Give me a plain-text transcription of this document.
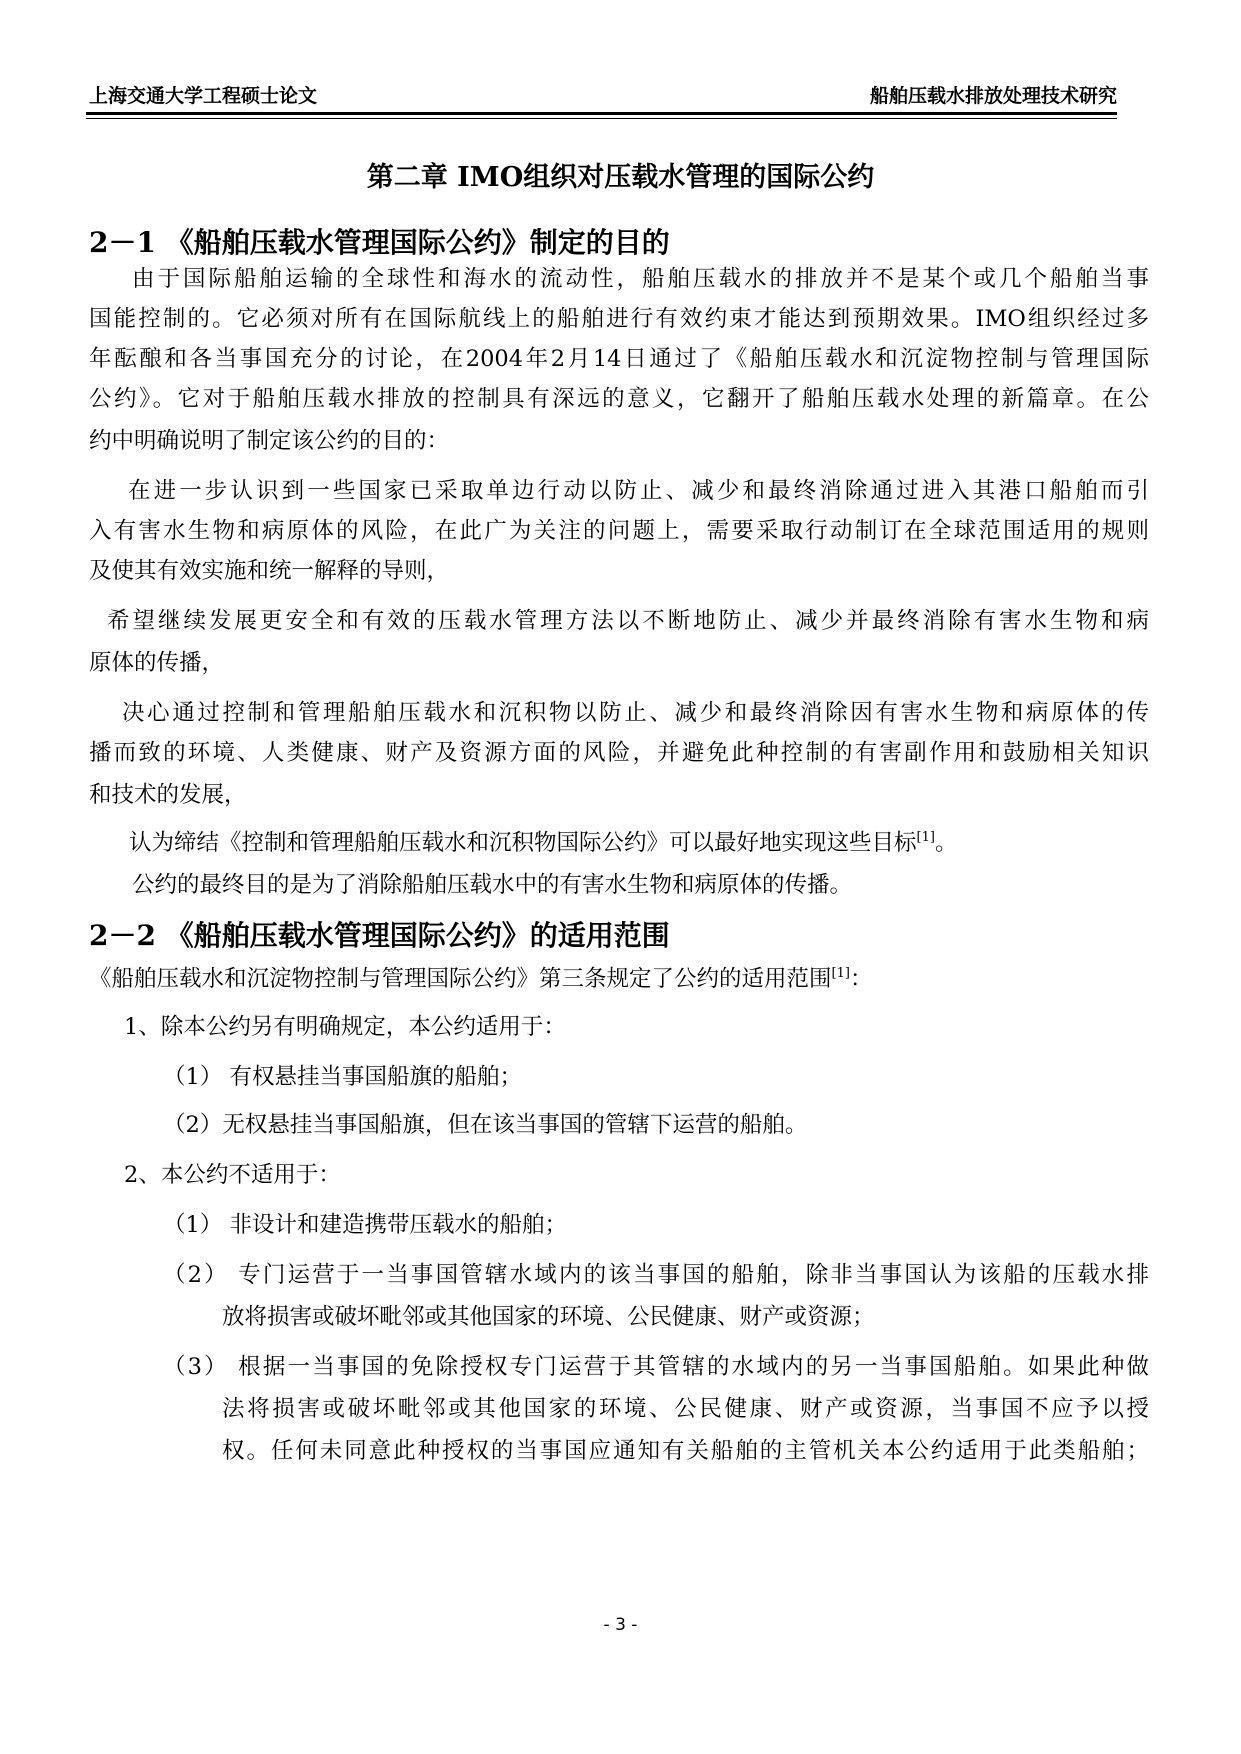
上海交通大学工程硕士论文	船舶压载水排放处理技术研究
第二章 IMO组织对压载水管理的国际公约
2－1 《船舶压载水管理国际公约》制定的目的
由于国际船舶运输的全球性和海水的流动性，船舶压载水的排放并不是某个或几个船舶当事
国能控制的。它必须对所有在国际航线上的船舶进行有效约束才能达到预期效果。IMO组织经过多
年酝酿和各当事国充分的讨论，在2004年2月14日通过了《船舶压载水和沉淀物控制与管理国际
公约》。它对于船舶压载水排放的控制具有深远的意义，它翻开了船舶压载水处理的新篇章。在公
约中明确说明了制定该公约的目的：
在进一步认识到一些国家已采取单边行动以防止、减少和最终消除通过进入其港口船舶而引
入有害水生物和病原体的风险，在此广为关注的问题上，需要采取行动制订在全球范围适用的规则
及使其有效实施和统一解释的导则，
希望继续发展更安全和有效的压载水管理方法以不断地防止、减少并最终消除有害水生物和病
原体的传播，
决心通过控制和管理船舶压载水和沉积物以防止、减少和最终消除因有害水生物和病原体的传
播而致的环境、人类健康、财产及资源方面的风险，并避免此种控制的有害副作用和鼓励相关知识
和技术的发展，
认为缔结《控制和管理船舶压载水和沉积物国际公约》可以最好地实现这些目标[1]。
公约的最终目的是为了消除船舶压载水中的有害水生物和病原体的传播。
2－2 《船舶压载水管理国际公约》的适用范围
《船舶压载水和沉淀物控制与管理国际公约》第三条规定了公约的适用范围[1]：
1、除本公约另有明确规定，本公约适用于：
（1） 有权悬挂当事国船旗的船舶；
（2）无权悬挂当事国船旗，但在该当事国的管辖下运营的船舶。
2、本公约不适用于：
（1） 非设计和建造携带压载水的船舶；
（2） 专门运营于一当事国管辖水域内的该当事国的船舶，除非当事国认为该船的压载水排
放将损害或破坏毗邻或其他国家的环境、公民健康、财产或资源；
（3） 根据一当事国的免除授权专门运营于其管辖的水域内的另一当事国船舶。如果此种做
法将损害或破坏毗邻或其他国家的环境、公民健康、财产或资源，当事国不应予以授
权。任何未同意此种授权的当事国应通知有关船舶的主管机关本公约适用于此类船舶；
- 3 -
